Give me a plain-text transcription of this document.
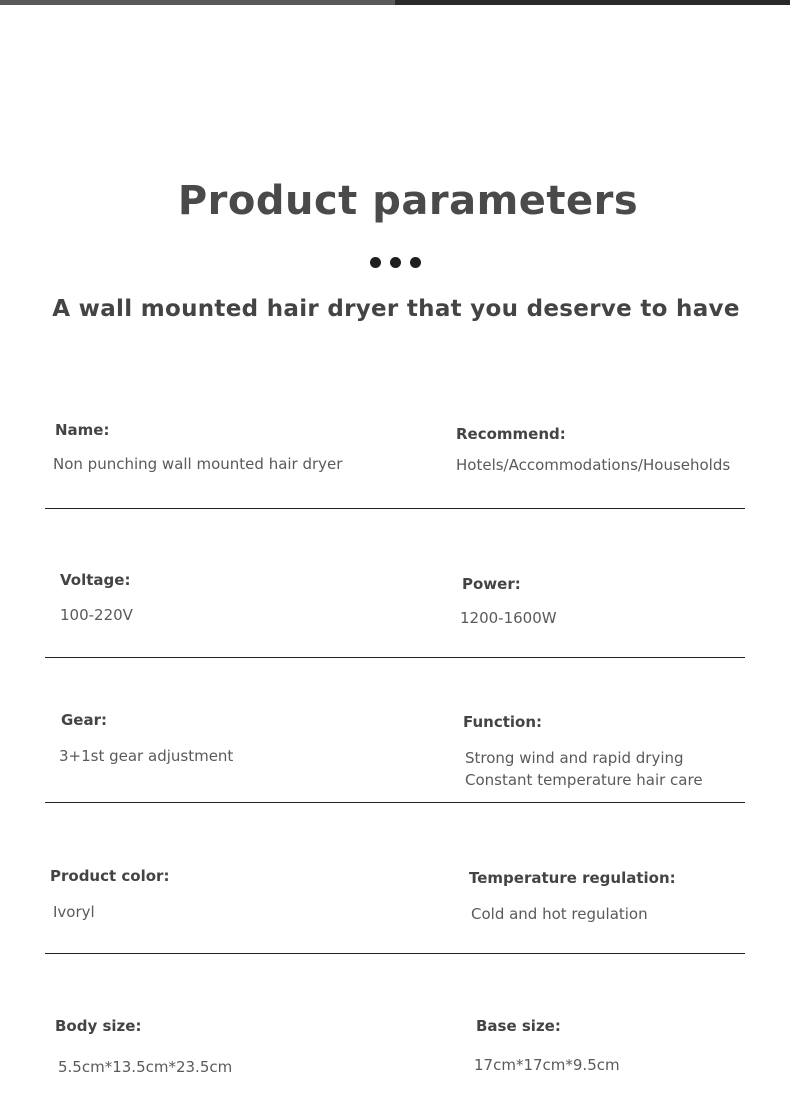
Product parameters
A wall mounted hair dryer that you deserve to have
Name:
Non punching wall mounted hair dryer
Recommend:
Hotels/Accommodations/Households
Voltage:
100-220V
Power:
1200-1600W
Gear:
3+1st gear adjustment
Function:
Strong wind and rapid drying
Constant temperature hair care
Product color:
Ivoryl
Temperature regulation:
Cold and hot regulation
Body size:
5.5cm*13.5cm*23.5cm
Base size:
17cm*17cm*9.5cm
